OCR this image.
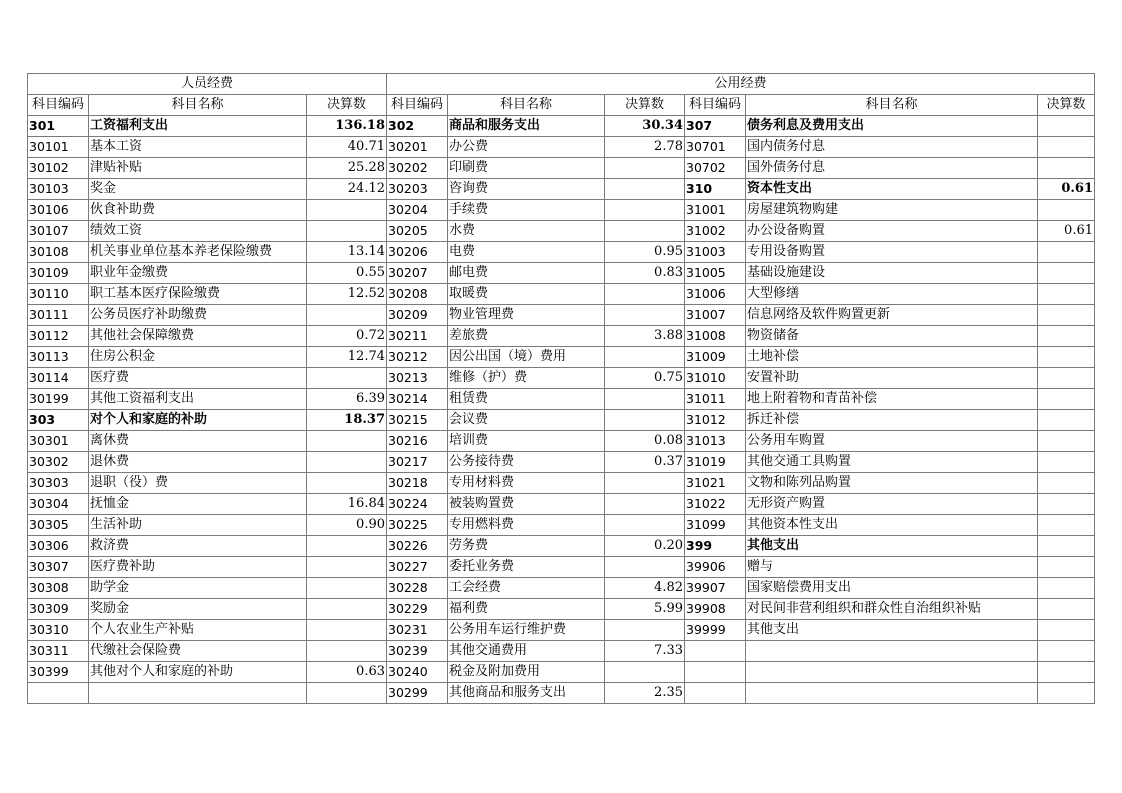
人员经费			公用经费					
科目编码	科目名称	决算数	科目编码	科目名称	决算数	科目编码	科目名称	决算数
301	工资福利支出	136.18	302	商品和服务支出	30.34	307	债务利息及费用支出	
30101	基本工资	40.71	30201	办公费	2.78	30701	国内债务付息	
30102	津贴补贴	25.28	30202	印刷费		30702	国外债务付息	
30103	奖金	24.12	30203	咨询费		310	资本性支出	0.61
30106	伙食补助费		30204	手续费		31001	房屋建筑物购建	
30107	绩效工资		30205	水费		31002	办公设备购置	0.61
30108	机关事业单位基本养老保险缴费	13.14	30206	电费	0.95	31003	专用设备购置	
30109	职业年金缴费	0.55	30207	邮电费	0.83	31005	基础设施建设	
30110	职工基本医疗保险缴费	12.52	30208	取暖费		31006	大型修缮	
30111	公务员医疗补助缴费		30209	物业管理费		31007	信息网络及软件购置更新	
30112	其他社会保障缴费	0.72	30211	差旅费	3.88	31008	物资储备	
30113	住房公积金	12.74	30212	因公出国（境）费用		31009	土地补偿	
30114	医疗费		30213	维修（护）费	0.75	31010	安置补助	
30199	其他工资福利支出	6.39	30214	租赁费		31011	地上附着物和青苗补偿	
303	对个人和家庭的补助	18.37	30215	会议费		31012	拆迁补偿	
30301	离休费		30216	培训费	0.08	31013	公务用车购置	
30302	退休费		30217	公务接待费	0.37	31019	其他交通工具购置	
30303	退职（役）费		30218	专用材料费		31021	文物和陈列品购置	
30304	抚恤金	16.84	30224	被装购置费		31022	无形资产购置	
30305	生活补助	0.90	30225	专用燃料费		31099	其他资本性支出	
30306	救济费		30226	劳务费	0.20	399	其他支出	
30307	医疗费补助		30227	委托业务费		39906	赠与	
30308	助学金		30228	工会经费	4.82	39907	国家赔偿费用支出	
30309	奖励金		30229	福利费	5.99	39908	对民间非营利组织和群众性自治组织补贴	
30310	个人农业生产补贴		30231	公务用车运行维护费		39999	其他支出	
30311	代缴社会保险费		30239	其他交通费用	7.33			
30399	其他对个人和家庭的补助	0.63	30240	税金及附加费用				
			30299	其他商品和服务支出	2.35			
